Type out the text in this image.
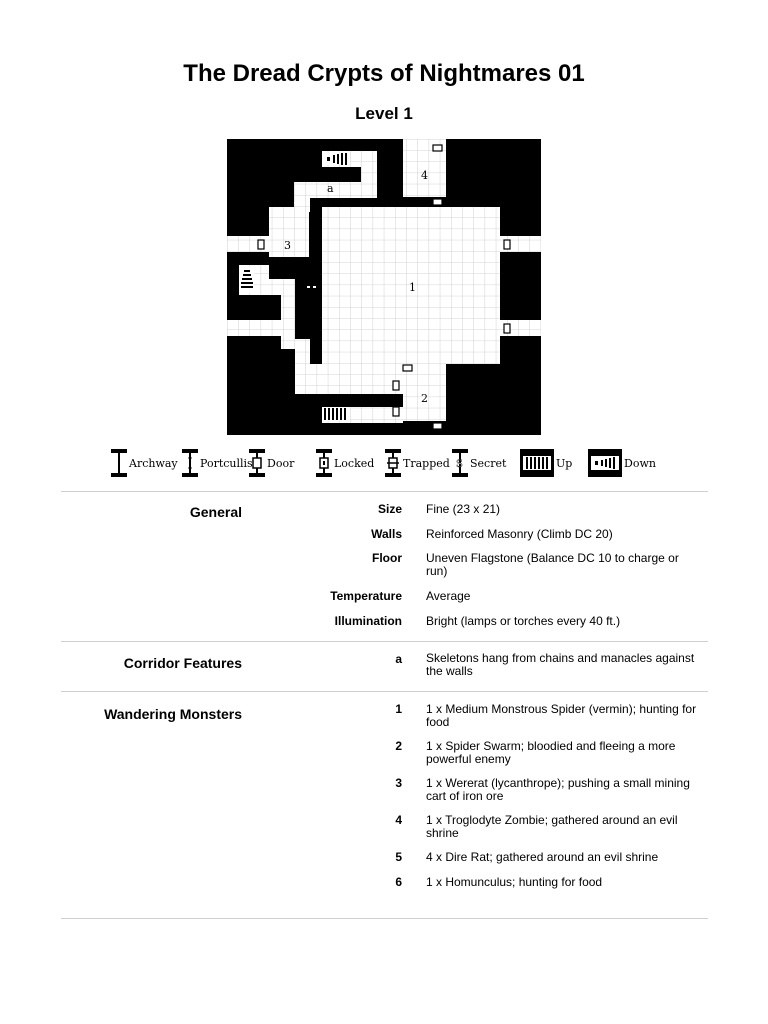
The Dread Crypts of Nightmares 01
Level 1
a
4
3
1
2
Archway Portcullis Door	Locked	Trapped S Secret	Up	Down
General	Size Fine (23 x 21)
Walls Reinforced Masonry (Climb DC 20)
Floor Uneven Flagstone (Balance DC 10 to charge or run)
Temperature Average
Illumination Bright (lamps or torches every 40 ft.)
Corridor Features	a Skeletons hang from chains and manacles against the walls
Wandering Monsters	1 1 x Medium Monstrous Spider (vermin); hunting for food
2 1 x Spider Swarm; bloodied and fleeing a more powerful enemy
3 1 x Wererat (lycanthrope); pushing a small mining cart of iron ore
4 1 x Troglodyte Zombie; gathered around an evil shrine
5 4 x Dire Rat; gathered around an evil shrine
6 1 x Homunculus; hunting for food
